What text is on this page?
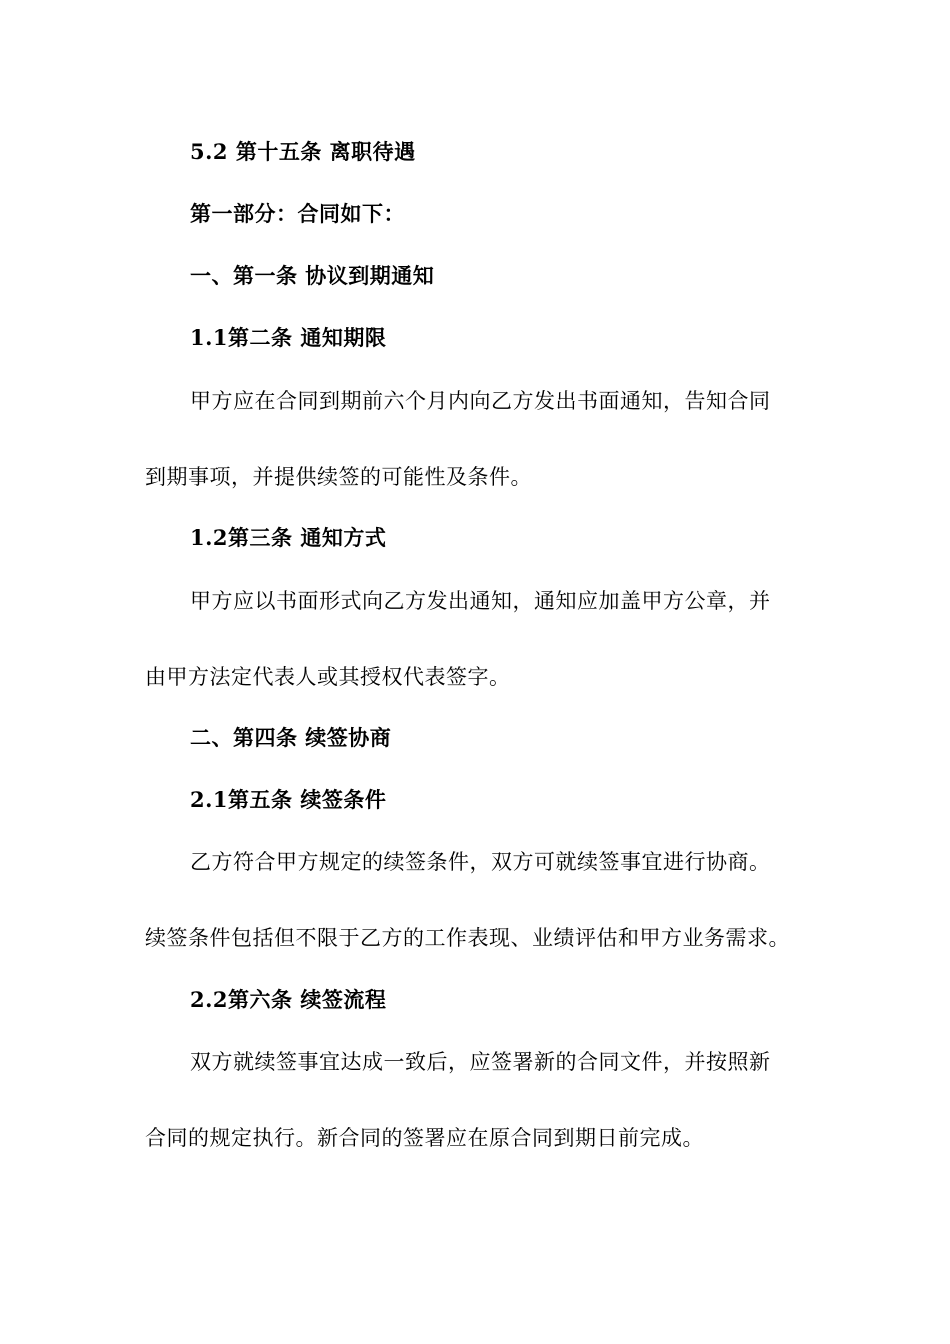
5.2 第十五条 离职待遇
第一部分：合同如下：
一、第一条 协议到期通知
1.1第二条 通知期限
甲方应在合同到期前六个月内向乙方发出书面通知，告知合同
到期事项，并提供续签的可能性及条件。
1.2第三条 通知方式
甲方应以书面形式向乙方发出通知，通知应加盖甲方公章，并
由甲方法定代表人或其授权代表签字。
二、第四条 续签协商
2.1第五条 续签条件
乙方符合甲方规定的续签条件，双方可就续签事宜进行协商。
续签条件包括但不限于乙方的工作表现、业绩评估和甲方业务需求。
2.2第六条 续签流程
双方就续签事宜达成一致后，应签署新的合同文件，并按照新
合同的规定执行。新合同的签署应在原合同到期日前完成。
